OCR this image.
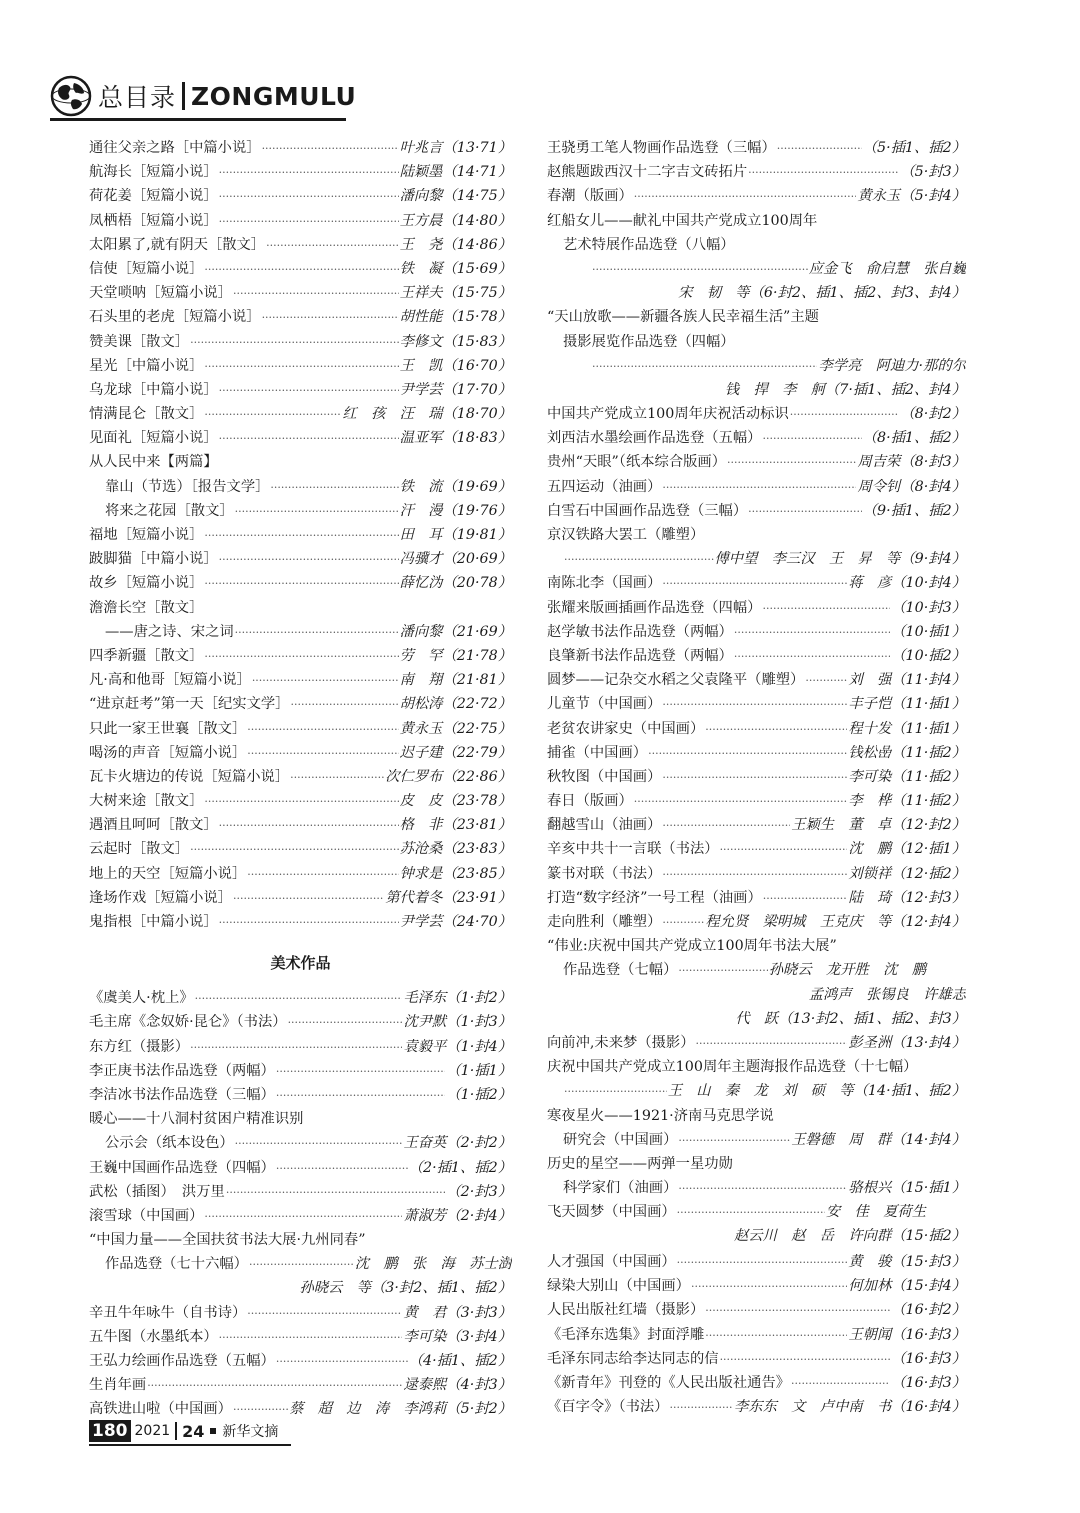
总目录 ZONGMULU
通往父亲之路［中篇小说］ ·····	叶兆言（13·71）
航海长［短篇小说］ ·····	陆颖墨（14·71）
荷花姜［短篇小说］ ·····	潘向黎（14·75）
凤栖梧［短篇小说］ ·····	王方晨（14·80）
太阳累了,就有阴天［散文］ ·····	王　尧（14·86）
信使［短篇小说］ ·····	铁　凝（15·69）
天堂唢呐［短篇小说］ ·····	王祥夫（15·75）
石头里的老虎［短篇小说］ ·····	胡性能（15·78）
赞美课［散文］ ·····	李修文（15·83）
星光［中篇小说］ ·····	王　凯（16·70）
乌龙球［中篇小说］ ·····	尹学芸（17·70）
情满昆仑［散文］ ·····	红　孩　汪　瑞（18·70）
见面礼［短篇小说］ ·····	温亚军（18·83）
从人民中来【两篇】
靠山（节选）［报告文学］ ·····	铁　流（19·69）
将来之花园［散文］ ·····	汗　漫（19·76）
福地［短篇小说］ ·····	田　耳（19·81）
跛脚猫［中篇小说］ ·····	冯骥才（20·69）
故乡［短篇小说］ ·····	薛忆沩（20·78）
澹澹长空［散文］
——唐之诗、宋之词 ·····	潘向黎（21·69）
四季新疆［散文］ ·····	劳　罕（21·78）
凡·高和他哥［短篇小说］ ·····	南　翔（21·81）
“进京赶考”第一天［纪实文学］ ·····	胡松涛（22·72）
只此一家王世襄［散文］ ·····	黄永玉（22·75）
喝汤的声音［短篇小说］ ·····	迟子建（22·79）
瓦卡火塘边的传说［短篇小说］ ·····	次仁罗布（22·86）
大树来途［散文］ ·····	皮　皮（23·78）
遇酒且呵呵［散文］ ·····	格　非（23·81）
云起时［散文］ ·····	苏沧桑（23·83）
地上的天空［短篇小说］ ·····	钟求是（23·85）
逢场作戏［短篇小说］ ·····	第代着冬（23·91）
鬼指根［中篇小说］ ·····	尹学芸（24·70）
美术作品
《虞美人·枕上》 ·····	毛泽东（1·封2）
毛主席《念奴娇·昆仑》（书法） ·····	沈尹默（1·封3）
东方红（摄影） ·····	袁毅平（1·封4）
李正庚书法作品选登（两幅） ·····	（1·插1）
李洁冰书法作品选登（三幅） ·····	（1·插2）
暖心——十八洞村贫困户精准识别
公示会（纸本设色） ·····	王奋英（2·封2）
王巍中国画作品选登（四幅） ·····	（2·插1、插2）
武松（插图）　洪万里 ·····	（2·封3）
滚雪球（中国画） ·····	萧淑芳（2·封4）
“中国力量——全国扶贫书法大展·九州同春”
作品选登（七十六幅） ·····	沈　鹏　张　海　苏士澍
孙晓云　等（3·封2、插1、插2）
辛丑牛年咏牛（自书诗） ·····	黄　君（3·封3）
五牛图（水墨纸本） ·····	李可染（3·封4）
王弘力绘画作品选登（五幅） ·····	（4·插1、插2）
生肖年画 ·····	逯泰熙（4·封3）
高铁进山啦（中国画） ·····	蔡　超　边　涛　李鸿莉（5·封2）
王骁勇工笔人物画作品选登（三幅） ·····	（5·插1、插2）
赵熊题跋西汉十二字吉文砖拓片 ·····	（5·封3）
春潮（版画） ·····	黄永玉（5·封4）
红船女儿——献礼中国共产党成立100周年
艺术特展作品选登（八幅）
·····
应金飞　俞启慧　张自巍
宋　韧　等（6·封2、插1、插2、封3、封4）
“天山放歌——新疆各族人民幸福生活”主题
摄影展览作品选登（四幅）
·····
李学亮　阿迪力·那的尔
钱　捍　李　舸（7·插1、插2、封4）
中国共产党成立100周年庆祝活动标识 ·····	（8·封2）
刘西洁水墨绘画作品选登（五幅） ·····	（8·插1、插2）
贵州“天眼”（纸本综合版画） ·····	周吉荣（8·封3）
五四运动（油画） ·····	周令钊（8·封4）
白雪石中国画作品选登（三幅） ·····	（9·插1、插2）
京汉铁路大罢工（雕塑）
·····
傅中望　李三汉　王　昇　等（9·封4）
南陈北李（国画） ·····	蒋　彦（10·封4）
张耀来版画插画作品选登（四幅） ·····	（10·封3）
赵学敏书法作品选登（两幅） ·····	（10·插1）
良肇新书法作品选登（两幅） ·····	（10·插2）
圆梦——记杂交水稻之父袁隆平（雕塑） ·····	刘　强（11·封4）
儿童节（中国画） ·····	丰子恺（11·插1）
老贫农讲家史（中国画） ·····	程十发（11·插1）
捕雀（中国画） ·····	钱松嵒（11·插2）
秋牧图（中国画） ·····	李可染（11·插2）
春日（版画） ·····	李　桦（11·插2）
翻越雪山（油画） ·····	王颖生　董　卓（12·封2）
辛亥中共十一言联（书法） ·····	沈　鹏（12·插1）
篆书对联（书法） ·····	刘锁祥（12·插2）
打造“数字经济”一号工程（油画） ·····	陆　琦（12·封3）
走向胜利（雕塑） ·····	程允贤　梁明城　王克庆　等（12·封4）
“伟业:庆祝中国共产党成立100周年书法大展”
作品选登（七幅） ·····	孙晓云　龙开胜　沈　鹏
孟鸿声　张锡良　许雄志
代　跃（13·封2、插1、插2、封3）
向前冲,未来梦（摄影） ·····	彭圣洲（13·封4）
庆祝中国共产党成立100周年主题海报作品选登（十七幅）
·····
王　山　秦　龙　刘　硕　等（14·插1、插2）
寒夜星火——1921·济南马克思学说
研究会（中国画） ·····	王磐德　周　群（14·封4）
历史的星空——两弹一星功勋
科学家们（油画） ·····	骆根兴（15·插1）
飞天圆梦（中国画） ·····	安　佳　夏荷生
赵云川　赵　岳　许向群（15·插2）
人才强国（中国画） ·····	黄　骏（15·封3）
绿染大别山（中国画） ·····	何加林（15·封4）
人民出版社红墙（摄影） ·····	（16·封2）
《毛泽东选集》封面浮雕 ·····	王朝闻（16·封3）
毛泽东同志给李达同志的信 ·····	（16·封3）
《新青年》刊登的《人民出版社通告》 ·····	（16·封3）
《百字令》（书法） ·····	李东东　文　卢中南　书（16·封4）
180 2021 24 新华文摘
